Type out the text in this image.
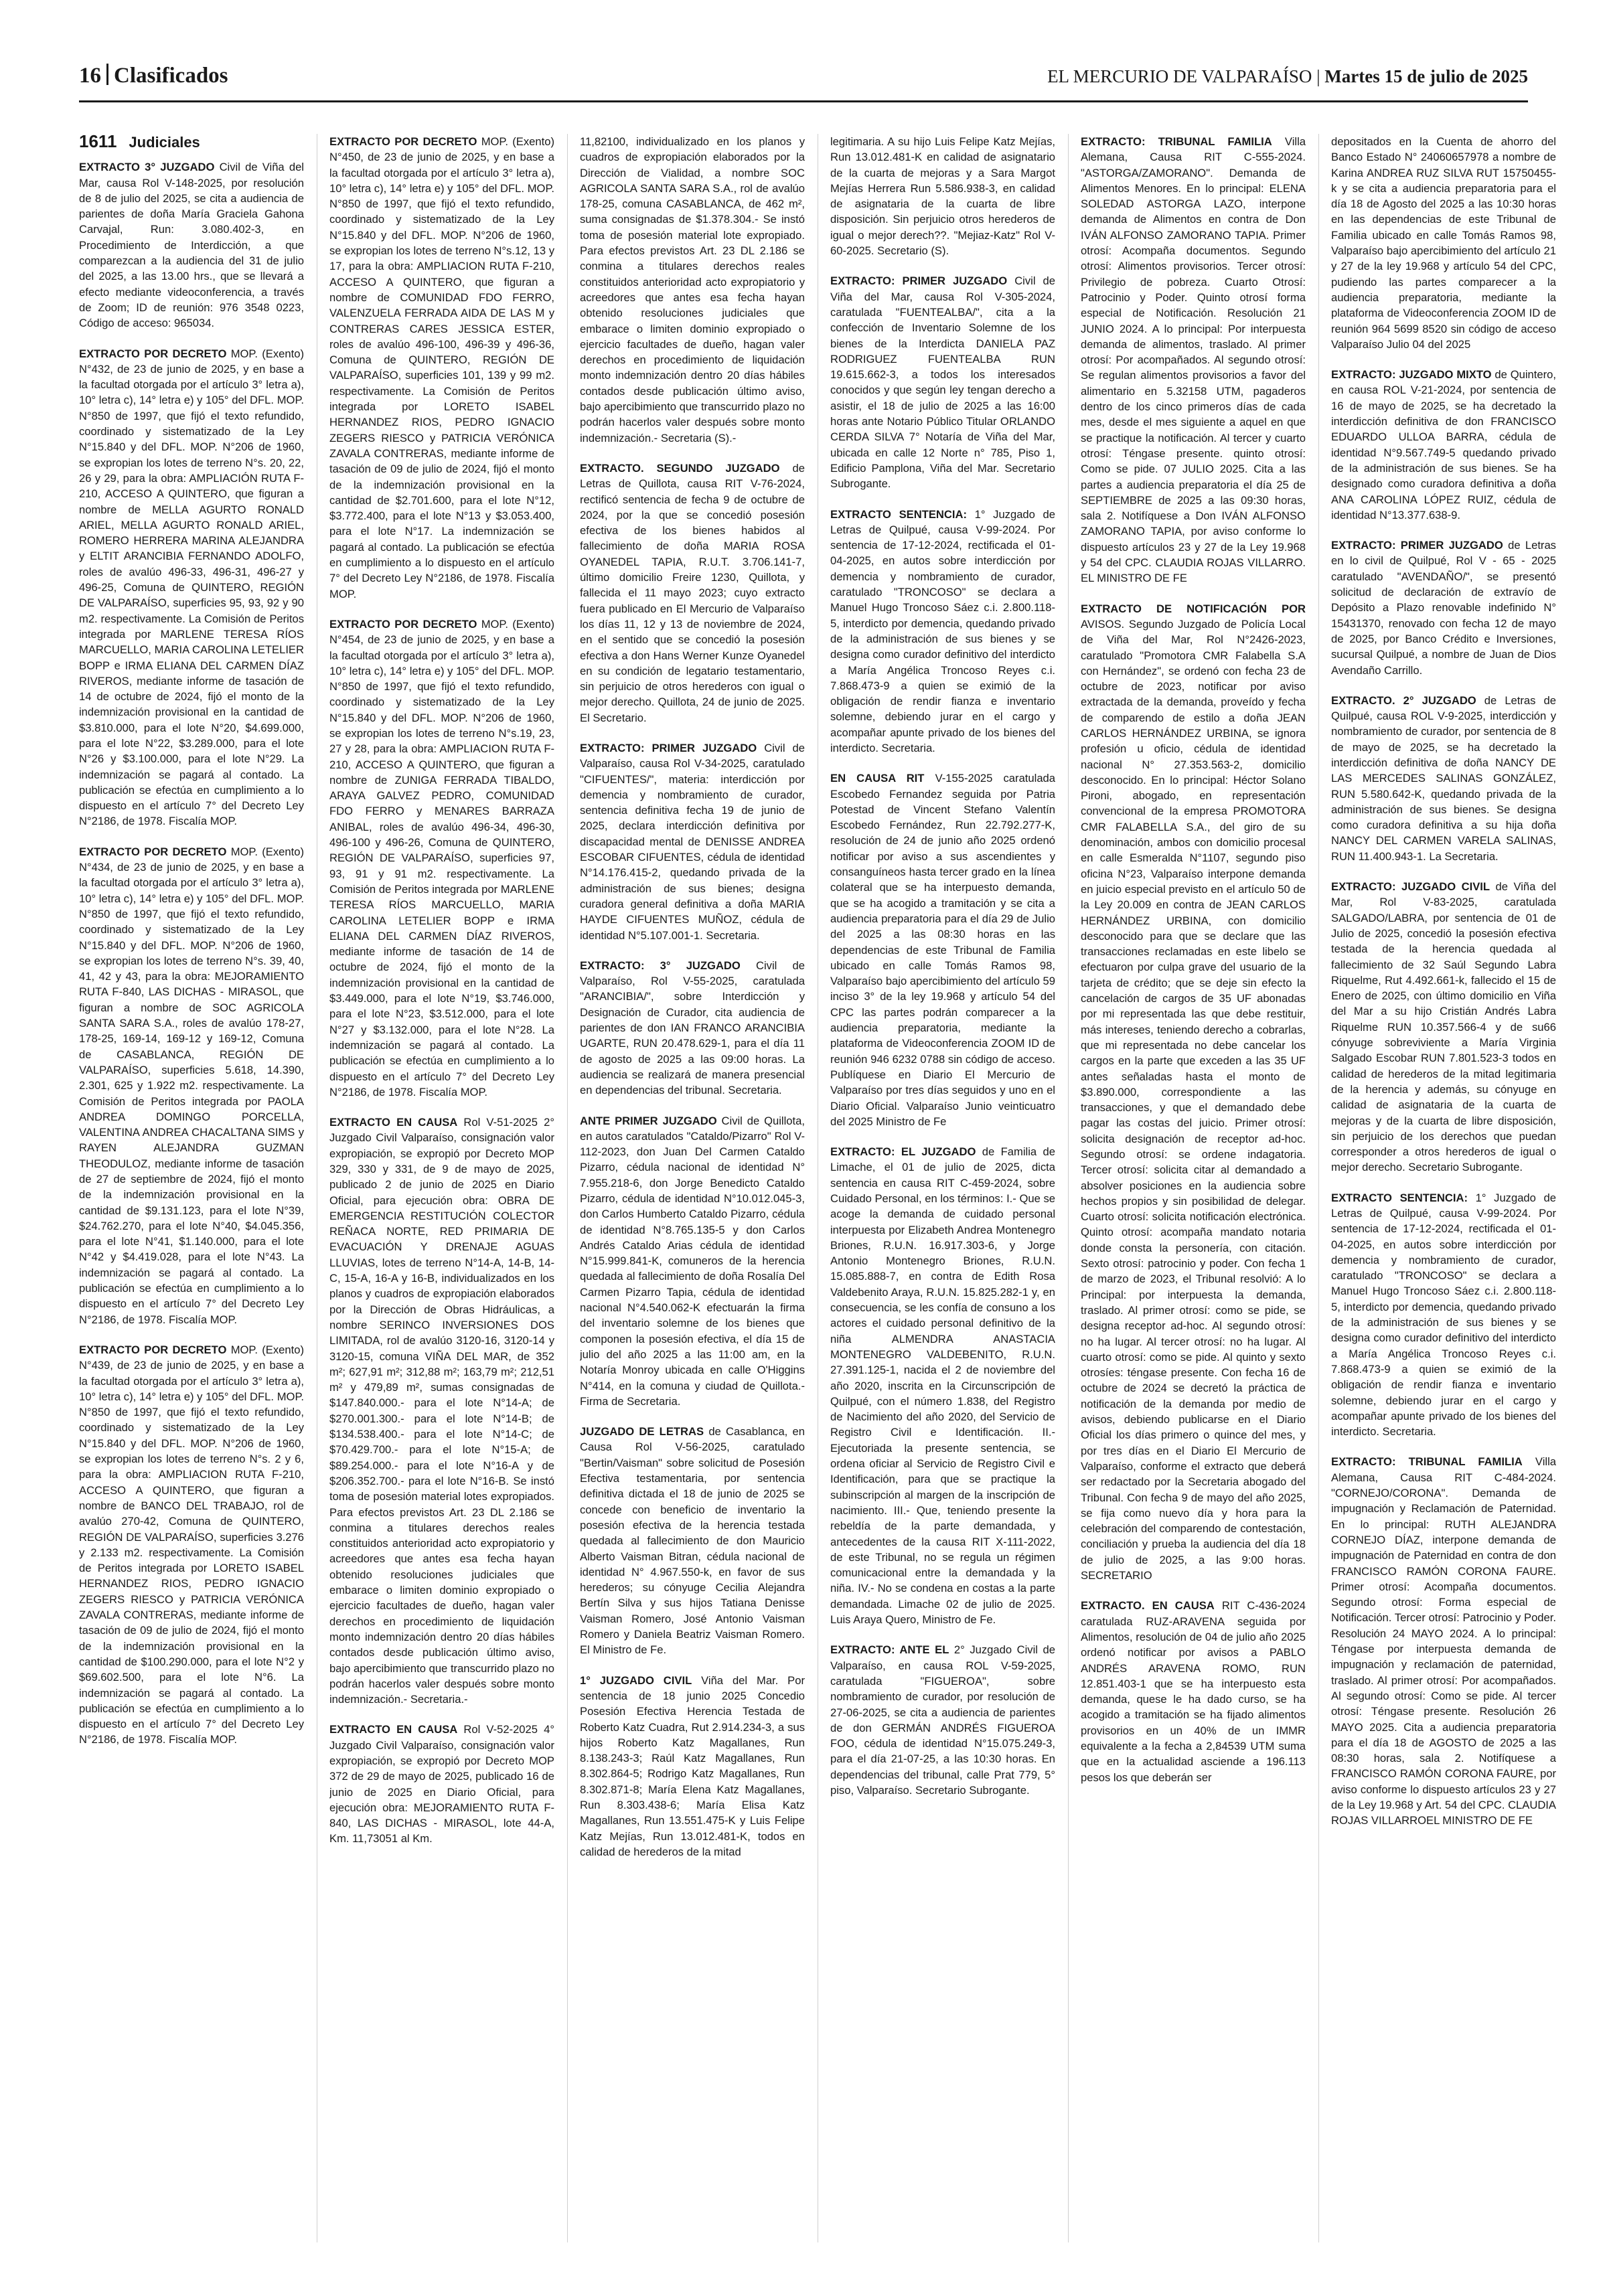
16 Clasificados	EL MERCURIO DE VALPARAÍSO | Martes 15 de julio de 2025
1611 Judiciales

EXTRACTO 3° JUZGADO Civil de Viña del Mar, causa Rol V-148-2025, por resolución de 8 de julio del 2025, se cita a audiencia de parientes de doña María Graciela Gahona Carvajal, Run: 3.080.402-3, en Procedimiento de Interdicción, a que comparezcan a la audiencia del 31 de julio del 2025, a las 13.00 hrs., que se llevará a efecto mediante videoconferencia, a través de Zoom; ID de reunión: 976 3548 0223, Código de acceso: 965034.

EXTRACTO POR DECRETO MOP. (Exento) N°432, de 23 de junio de 2025, y en base a la facultad otorgada por el artículo 3° letra a), 10° letra c), 14° letra e) y 105° del DFL. MOP. N°850 de 1997, que fijó el texto refundido, coordinado y sistematizado de la Ley N°15.840 y del DFL. MOP. N°206 de 1960, se expropian los lotes de terreno N°s. 20, 22, 26 y 29, para la obra: AMPLIACIÓN RUTA F-210, ACCESO A QUINTERO, que figuran a nombre de MELLA AGURTO RONALD ARIEL, MELLA AGURTO RONALD ARIEL, ROMERO HERRERA MARINA ALEJANDRA y ELTIT ARANCIBIA FERNANDO ADOLFO, roles de avalúo 496-33, 496-31, 496-27 y 496-25, Comuna de QUINTERO, REGIÓN DE VALPARAÍSO, superficies 95, 93, 92 y 90 m2. respectivamente. La Comisión de Peritos integrada por MARLENE TERESA RÍOS MARCUELLO, MARIA CAROLINA LETELIER BOPP e IRMA ELIANA DEL CARMEN DÍAZ RIVEROS, mediante informe de tasación de 14 de octubre de 2024, fijó el monto de la indemnización provisional en la cantidad de $3.810.000, para el lote N°20, $4.699.000, para el lote N°22, $3.289.000, para el lote N°26 y $3.100.000, para el lote N°29. La indemnización se pagará al contado. La publicación se efectúa en cumplimiento a lo dispuesto en el artículo 7° del Decreto Ley N°2186, de 1978. Fiscalía MOP.

EXTRACTO POR DECRETO MOP. (Exento) N°434, de 23 de junio de 2025, y en base a la facultad otorgada por el artículo 3° letra a), 10° letra c), 14° letra e) y 105° del DFL. MOP. N°850 de 1997, que fijó el texto refundido, coordinado y sistematizado de la Ley N°15.840 y del DFL. MOP. N°206 de 1960, se expropian los lotes de terreno N°s. 39, 40, 41, 42 y 43, para la obra: MEJORAMIENTO RUTA F-840, LAS DICHAS - MIRASOL, que figuran a nombre de SOC AGRICOLA SANTA SARA S.A., roles de avalúo 178-27, 178-25, 169-14, 169-12 y 169-12, Comuna de CASABLANCA, REGIÓN DE VALPARAÍSO, superficies 5.618, 14.390, 2.301, 625 y 1.922 m2. respectivamente. La Comisión de Peritos integrada por PAOLA ANDREA DOMINGO PORCELLA, VALENTINA ANDREA CHACALTANA SIMS y RAYEN ALEJANDRA GUZMAN THEODULOZ, mediante informe de tasación de 27 de septiembre de 2024, fijó el monto de la indemnización provisional en la cantidad de $9.131.123, para el lote N°39, $24.762.270, para el lote N°40, $4.045.356, para el lote N°41, $1.140.000, para el lote N°42 y $4.419.028, para el lote N°43. La indemnización se pagará al contado. La publicación se efectúa en cumplimiento a lo dispuesto en el artículo 7° del Decreto Ley N°2186, de 1978. Fiscalía MOP.

EXTRACTO POR DECRETO MOP. (Exento) N°439, de 23 de junio de 2025, y en base a la facultad otorgada por el artículo 3° letra a), 10° letra c), 14° letra e) y 105° del DFL. MOP. N°850 de 1997, que fijó el texto refundido, coordinado y sistematizado de la Ley N°15.840 y del DFL. MOP. N°206 de 1960, se expropian los lotes de terreno N°s. 2 y 6, para la obra: AMPLIACION RUTA F-210, ACCESO A QUINTERO, que figuran a nombre de BANCO DEL TRABAJO, rol de avalúo 270-42, Comuna de QUINTERO, REGIÓN DE VALPARAÍSO, superficies 3.276 y 2.133 m2. respectivamente. La Comisión de Peritos integrada por LORETO ISABEL HERNANDEZ RIOS, PEDRO IGNACIO ZEGERS RIESCO y PATRICIA VERÓNICA ZAVALA CONTRERAS, mediante informe de tasación de 09 de julio de 2024, fijó el monto de la indemnización provisional en la cantidad de $100.290.000, para el lote N°2 y $69.602.500, para el lote N°6. La indemnización se pagará al contado. La publicación se efectúa en cumplimiento a lo dispuesto en el artículo 7° del Decreto Ley N°2186, de 1978. Fiscalía MOP.

EXTRACTO POR DECRETO MOP. (Exento) N°450, de 23 de junio de 2025, y en base a la facultad otorgada por el artículo 3° letra a), 10° letra c), 14° letra e) y 105° del DFL. MOP. N°850 de 1997, que fijó el texto refundido, coordinado y sistematizado de la Ley N°15.840 y del DFL. MOP. N°206 de 1960, se expropian los lotes de terreno N°s.12, 13 y 17, para la obra: AMPLIACION RUTA F-210, ACCESO A QUINTERO, que figuran a nombre de COMUNIDAD FDO FERRO, VALENZUELA FERRADA AIDA DE LAS M y CONTRERAS CARES JESSICA ESTER, roles de avalúo 496-100, 496-39 y 496-36, Comuna de QUINTERO, REGIÓN DE VALPARAÍSO, superficies 101, 139 y 99 m2. respectivamente. La Comisión de Peritos integrada por LORETO ISABEL HERNANDEZ RIOS, PEDRO IGNACIO ZEGERS RIESCO y PATRICIA VERÓNICA ZAVALA CONTRERAS, mediante informe de tasación de 09 de julio de 2024, fijó el monto de la indemnización provisional en la cantidad de $2.701.600, para el lote N°12, $3.772.400, para el lote N°13 y $3.053.400, para el lote N°17. La indemnización se pagará al contado. La publicación se efectúa en cumplimiento a lo dispuesto en el artículo 7° del Decreto Ley N°2186, de 1978. Fiscalía MOP.

EXTRACTO POR DECRETO MOP. (Exento) N°454, de 23 de junio de 2025, y en base a la facultad otorgada por el artículo 3° letra a), 10° letra c), 14° letra e) y 105° del DFL. MOP. N°850 de 1997, que fijó el texto refundido, coordinado y sistematizado de la Ley N°15.840 y del DFL. MOP. N°206 de 1960, se expropian los lotes de terreno N°s.19, 23, 27 y 28, para la obra: AMPLIACION RUTA F-210, ACCESO A QUINTERO, que figuran a nombre de ZUNIGA FERRADA TIBALDO, ARAYA GALVEZ PEDRO, COMUNIDAD FDO FERRO y MENARES BARRAZA ANIBAL, roles de avalúo 496-34, 496-30, 496-100 y 496-26, Comuna de QUINTERO, REGIÓN DE VALPARAÍSO, superficies 97, 93, 91 y 91 m2. respectivamente. La Comisión de Peritos integrada por MARLENE TERESA RÍOS MARCUELLO, MARIA CAROLINA LETELIER BOPP e IRMA ELIANA DEL CARMEN DÍAZ RIVEROS, mediante informe de tasación de 14 de octubre de 2024, fijó el monto de la indemnización provisional en la cantidad de $3.449.000, para el lote N°19, $3.746.000, para el lote N°23, $3.512.000, para el lote N°27 y $3.132.000, para el lote N°28. La indemnización se pagará al contado. La publicación se efectúa en cumplimiento a lo dispuesto en el artículo 7° del Decreto Ley N°2186, de 1978. Fiscalía MOP.

EXTRACTO EN CAUSA Rol V-51-2025 2° Juzgado Civil Valparaíso, consignación valor expropiación, se expropió por Decreto MOP 329, 330 y 331, de 9 de mayo de 2025, publicado 2 de junio de 2025 en Diario Oficial, para ejecución obra: OBRA DE EMERGENCIA RESTITUCIÓN COLECTOR REÑACA NORTE, RED PRIMARIA DE EVACUACIÓN Y DRENAJE AGUAS LLUVIAS, lotes de terreno N°14-A, 14-B, 14-C, 15-A, 16-A y 16-B, individualizados en los planos y cuadros de expropiación elaborados por la Dirección de Obras Hidráulicas, a nombre SERINCO INVERSIONES DOS LIMITADA, rol de avalúo 3120-16, 3120-14 y 3120-15, comuna VIÑA DEL MAR, de 352 m²; 627,91 m²; 312,88 m²; 163,79 m²; 212,51 m² y 479,89 m², sumas consignadas de $147.840.000.- para el lote N°14-A; de $270.001.300.- para el lote N°14-B; de $134.538.400.- para el lote N°14-C; de $70.429.700.- para el lote N°15-A; de $89.254.000.- para el lote N°16-A y de $206.352.700.- para el lote N°16-B. Se instó toma de posesión material lotes expropiados. Para efectos previstos Art. 23 DL 2.186 se conmina a titulares derechos reales constituidos anterioridad acto expropiatorio y acreedores que antes esa fecha hayan obtenido resoluciones judiciales que embarace o limiten dominio expropiado o ejercicio facultades de dueño, hagan valer derechos en procedimiento de liquidación monto indemnización dentro 20 días hábiles contados desde publicación último aviso, bajo apercibimiento que transcurrido plazo no podrán hacerlos valer después sobre monto indemnización.- Secretaria.-

EXTRACTO EN CAUSA Rol V-52-2025 4° Juzgado Civil Valparaíso, consignación valor expropiación, se expropió por Decreto MOP 372 de 29 de mayo de 2025, publicado 16 de junio de 2025 en Diario Oficial, para ejecución obra: MEJORAMIENTO RUTA F-840, LAS DICHAS - MIRASOL, lote 44-A, Km. 11,73051 al Km.

11,82100, individualizado en los planos y cuadros de expropiación elaborados por la Dirección de Vialidad, a nombre SOC AGRICOLA SANTA SARA S.A., rol de avalúo 178-25, comuna CASABLANCA, de 462 m², suma consignadas de $1.378.304.- Se instó toma de posesión material lote expropiado. Para efectos previstos Art. 23 DL 2.186 se conmina a titulares derechos reales constituidos anterioridad acto expropiatorio y acreedores que antes esa fecha hayan obtenido resoluciones judiciales que embarace o limiten dominio expropiado o ejercicio facultades de dueño, hagan valer derechos en procedimiento de liquidación monto indemnización dentro 20 días hábiles contados desde publicación último aviso, bajo apercibimiento que transcurrido plazo no podrán hacerlos valer después sobre monto indemnización.- Secretaria (S).-

EXTRACTO. SEGUNDO JUZGADO de Letras de Quillota, causa RIT V-76-2024, rectificó sentencia de fecha 9 de octubre de 2024, por la que se concedió posesión efectiva de los bienes habidos al fallecimiento de doña MARIA ROSA OYANEDEL TAPIA, R.U.T. 3.706.141-7, último domicilio Freire 1230, Quillota, y fallecida el 11 mayo 2023; cuyo extracto fuera publicado en El Mercurio de Valparaíso los días 11, 12 y 13 de noviembre de 2024, en el sentido que se concedió la posesión efectiva a don Hans Werner Kunze Oyanedel en su condición de legatario testamentario, sin perjuicio de otros herederos con igual o mejor derecho. Quillota, 24 de junio de 2025. El Secretario.

EXTRACTO: PRIMER JUZGADO Civil de Valparaíso, causa Rol V-34-2025, caratulado "CIFUENTES/", materia: interdicción por demencia y nombramiento de curador, sentencia definitiva fecha 19 de junio de 2025, declara interdicción definitiva por discapacidad mental de DENISSE ANDREA ESCOBAR CIFUENTES, cédula de identidad N°14.176.415-2, quedando privada de la administración de sus bienes; designa curadora general definitiva a doña MARIA HAYDE CIFUENTES MUÑOZ, cédula de identidad N°5.107.001-1. Secretaria.

EXTRACTO: 3° JUZGADO Civil de Valparaíso, Rol V-55-2025, caratulada "ARANCIBIA/", sobre Interdicción y Designación de Curador, cita audiencia de parientes de don IAN FRANCO ARANCIBIA UGARTE, RUN 20.478.629-1, para el día 11 de agosto de 2025 a las 09:00 horas. La audiencia se realizará de manera presencial en dependencias del tribunal. Secretaria.

ANTE PRIMER JUZGADO Civil de Quillota, en autos caratulados "Cataldo/Pizarro" Rol V-112-2023, don Juan Del Carmen Cataldo Pizarro, cédula nacional de identidad N° 7.955.218-6, don Jorge Benedicto Cataldo Pizarro, cédula de identidad N°10.012.045-3, don Carlos Humberto Cataldo Pizarro, cédula de identidad N°8.765.135-5 y don Carlos Andrés Cataldo Arias cédula de identidad N°15.999.841-K, comuneros de la herencia quedada al fallecimiento de doña Rosalía Del Carmen Pizarro Tapia, cédula de identidad nacional N°4.540.062-K efectuarán la firma del inventario solemne de los bienes que componen la posesión efectiva, el día 15 de julio del año 2025 a las 11:00 am, en la Notaría Monroy ubicada en calle O'Higgins N°414, en la comuna y ciudad de Quillota.- Firma de Secretaria.

JUZGADO DE LETRAS de Casablanca, en Causa Rol V-56-2025, caratulado "Bertin/Vaisman" sobre solicitud de Posesión Efectiva testamentaria, por sentencia definitiva dictada el 18 de junio de 2025 se concede con beneficio de inventario la posesión efectiva de la herencia testada quedada al fallecimiento de don Mauricio Alberto Vaisman Bitran, cédula nacional de identidad N° 4.967.550-k, en favor de sus herederos; su cónyuge Cecilia Alejandra Bertín Silva y sus hijos Tatiana Denisse Vaisman Romero, José Antonio Vaisman Romero y Daniela Beatriz Vaisman Romero. El Ministro de Fe.

1° JUZGADO CIVIL Viña del Mar. Por sentencia de 18 junio 2025 Concedio Posesión Efectiva Herencia Testada de Roberto Katz Cuadra, Rut 2.914.234-3, a sus hijos Roberto Katz Magallanes, Run 8.138.243-3; Raúl Katz Magallanes, Run 8.302.864-5; Rodrigo Katz Magallanes, Run 8.302.871-8; María Elena Katz Magallanes, Run 8.303.438-6; María Elisa Katz Magallanes, Run 13.551.475-K y Luis Felipe Katz Mejías, Run 13.012.481-K, todos en calidad de herederos de la mitad

legitimaria. A su hijo Luis Felipe Katz Mejías, Run 13.012.481-K en calidad de asignatario de la cuarta de mejoras y a Sara Margot Mejías Herrera Run 5.586.938-3, en calidad de asignataria de la cuarta de libre disposición. Sin perjuicio otros herederos de igual o mejor derech??. "Mejiaz-Katz" Rol V-60-2025. Secretario (S).

EXTRACTO: PRIMER JUZGADO Civil de Viña del Mar, causa Rol V-305-2024, caratulada "FUENTEALBA/", cita a la confección de Inventario Solemne de los bienes de la Interdicta DANIELA PAZ RODRIGUEZ FUENTEALBA RUN 19.615.662-3, a todos los interesados conocidos y que según ley tengan derecho a asistir, el 18 de julio de 2025 a las 16:00 horas ante Notario Público Titular ORLANDO CERDA SILVA 7° Notaría de Viña del Mar, ubicada en calle 12 Norte n° 785, Piso 1, Edificio Pamplona, Viña del Mar. Secretario Subrogante.

EXTRACTO SENTENCIA: 1° Juzgado de Letras de Quilpué, causa V-99-2024. Por sentencia de 17-12-2024, rectificada el 01-04-2025, en autos sobre interdicción por demencia y nombramiento de curador, caratulado "TRONCOSO" se declara a Manuel Hugo Troncoso Sáez c.i. 2.800.118-5, interdicto por demencia, quedando privado de la administración de sus bienes y se designa como curador definitivo del interdicto a María Angélica Troncoso Reyes c.i. 7.868.473-9 a quien se eximió de la obligación de rendir fianza e inventario solemne, debiendo jurar en el cargo y acompañar apunte privado de los bienes del interdicto. Secretaria.

EN CAUSA RIT V-155-2025 caratulada Escobedo Fernandez seguida por Patria Potestad de Vincent Stefano Valentín Escobedo Fernández, Run 22.792.277-K, resolución de 24 de junio año 2025 ordenó notificar por aviso a sus ascendientes y consanguíneos hasta tercer grado en la línea colateral que se ha interpuesto demanda, que se ha acogido a tramitación y se cita a audiencia preparatoria para el día 29 de Julio del 2025 a las 08:30 horas en las dependencias de este Tribunal de Familia ubicado en calle Tomás Ramos 98, Valparaíso bajo apercibimiento del artículo 59 inciso 3° de la ley 19.968 y artículo 54 del CPC las partes podrán comparecer a la audiencia preparatoria, mediante la plataforma de Videoconferencia ZOOM ID de reunión 946 6232 0788 sin código de acceso. Publíquese en Diario El Mercurio de Valparaíso por tres días seguidos y uno en el Diario Oficial. Valparaíso Junio veinticuatro del 2025 Ministro de Fe

EXTRACTO: EL JUZGADO de Familia de Limache, el 01 de julio de 2025, dicta sentencia en causa RIT C-459-2024, sobre Cuidado Personal, en los términos: I.- Que se acoge la demanda de cuidado personal interpuesta por Elizabeth Andrea Montenegro Briones, R.U.N. 16.917.303-6, y Jorge Antonio Montenegro Briones, R.U.N. 15.085.888-7, en contra de Edith Rosa Valdebenito Araya, R.U.N. 15.825.282-1 y, en consecuencia, se les confía de consuno a los actores el cuidado personal definitivo de la niña ALMENDRA ANASTACIA MONTENEGRO VALDEBENITO, R.U.N. 27.391.125-1, nacida el 2 de noviembre del año 2020, inscrita en la Circunscripción de Quilpué, con el número 1.838, del Registro de Nacimiento del año 2020, del Servicio de Registro Civil e Identificación. II.- Ejecutoriada la presente sentencia, se ordena oficiar al Servicio de Registro Civil e Identificación, para que se practique la subinscripción al margen de la inscripción de nacimiento. III.- Que, teniendo presente la rebeldía de la parte demandada, y antecedentes de la causa RIT X-111-2022, de este Tribunal, no se regula un régimen comunicacional entre la demandada y la niña. IV.- No se condena en costas a la parte demandada. Limache 02 de julio de 2025. Luis Araya Quero, Ministro de Fe.

EXTRACTO: ANTE EL 2° Juzgado Civil de Valparaíso, en causa ROL V-59-2025, caratulada "FIGUEROA", sobre nombramiento de curador, por resolución de 27-06-2025, se cita a audiencia de parientes de don GERMÁN ANDRÉS FIGUEROA FOO, cédula de identidad N°15.075.249-3, para el día 21-07-25, a las 10:30 horas. En dependencias del tribunal, calle Prat 779, 5° piso, Valparaíso. Secretario Subrogante.

EXTRACTO: TRIBUNAL FAMILIA Villa Alemana, Causa RIT C-555-2024. "ASTORGA/ZAMORANO". Demanda de Alimentos Menores. En lo principal: ELENA SOLEDAD ASTORGA LAZO, interpone demanda de Alimentos en contra de Don IVÁN ALFONSO ZAMORANO TAPIA. Primer otrosí: Acompaña documentos. Segundo otrosí: Alimentos provisorios. Tercer otrosí: Privilegio de pobreza. Cuarto Otrosí: Patrocinio y Poder. Quinto otrosí forma especial de Notificación. Resolución 21 JUNIO 2024. A lo principal: Por interpuesta demanda de alimentos, traslado. Al primer otrosí: Por acompañados. Al segundo otrosí: Se regulan alimentos provisorios a favor del alimentario en 5.32158 UTM, pagaderos dentro de los cinco primeros días de cada mes, desde el mes siguiente a aquel en que se practique la notificación. Al tercer y cuarto otrosí: Téngase presente. quinto otrosí: Como se pide. 07 JULIO 2025. Cita a las partes a audiencia preparatoria el día 25 de SEPTIEMBRE de 2025 a las 09:30 horas, sala 2. Notifíquese a Don IVÁN ALFONSO ZAMORANO TAPIA, por aviso conforme lo dispuesto artículos 23 y 27 de la Ley 19.968 y 54 del CPC. CLAUDIA ROJAS VILLARRO. EL MINISTRO DE FE

EXTRACTO DE NOTIFICACIÓN POR AVISOS. Segundo Juzgado de Policía Local de Viña del Mar, Rol N°2426-2023, caratulado "Promotora CMR Falabella S.A con Hernández", se ordenó con fecha 23 de octubre de 2023, notificar por aviso extractada de la demanda, proveído y fecha de comparendo de estilo a doña JEAN CARLOS HERNÁNDEZ URBINA, se ignora profesión u oficio, cédula de identidad nacional N° 27.353.563-2, domicilio desconocido. En lo principal: Héctor Solano Pironi, abogado, en representación convencional de la empresa PROMOTORA CMR FALABELLA S.A., del giro de su denominación, ambos con domicilio procesal en calle Esmeralda N°1107, segundo piso oficina N°23, Valparaíso interpone demanda en juicio especial previsto en el artículo 50 de la Ley 20.009 en contra de JEAN CARLOS HERNÁNDEZ URBINA, con domicilio desconocido para que se declare que las transacciones reclamadas en este libelo se efectuaron por culpa grave del usuario de la tarjeta de crédito; que se deje sin efecto la cancelación de cargos de 35 UF abonadas por mi representada las que debe restituir, más intereses, teniendo derecho a cobrarlas, que mi representada no debe cancelar los cargos en la parte que exceden a las 35 UF antes señaladas hasta el monto de $3.890.000, correspondiente a las transacciones, y que el demandado debe pagar las costas del juicio. Primer otrosí: solicita designación de receptor ad-hoc. Segundo otrosí: se ordene indagatoria. Tercer otrosí: solicita citar al demandado a absolver posiciones en la audiencia sobre hechos propios y sin posibilidad de delegar. Cuarto otrosí: solicita notificación electrónica. Quinto otrosí: acompaña mandato notaria donde consta la personería, con citación. Sexto otrosí: patrocinio y poder. Con fecha 1 de marzo de 2023, el Tribunal resolvió: A lo Principal: por interpuesta la demanda, traslado. Al primer otrosí: como se pide, se designa receptor ad-hoc. Al segundo otrosí: no ha lugar. Al tercer otrosí: no ha lugar. Al cuarto otrosí: como se pide. Al quinto y sexto otrosíes: téngase presente. Con fecha 16 de octubre de 2024 se decretó la práctica de notificación de la demanda por medio de avisos, debiendo publicarse en el Diario Oficial los días primero o quince del mes, y por tres días en el Diario El Mercurio de Valparaíso, conforme el extracto que deberá ser redactado por la Secretaria abogado del Tribunal. Con fecha 9 de mayo del año 2025, se fija como nuevo día y hora para la celebración del comparendo de contestación, conciliación y prueba la audiencia del día 18 de julio de 2025, a las 9:00 horas. SECRETARIO

EXTRACTO. EN CAUSA RIT C-436-2024 caratulada RUZ-ARAVENA seguida por Alimentos, resolución de 04 de julio año 2025 ordenó notificar por avisos a PABLO ANDRÉS ARAVENA ROMO, RUN 12.851.403-1 que se ha interpuesto esta demanda, quese le ha dado curso, se ha acogido a tramitación se ha fijado alimentos provisorios en un 40% de un IMMR equivalente a la fecha a 2,84539 UTM suma que en la actualidad asciende a 196.113 pesos los que deberán ser

depositados en la Cuenta de ahorro del Banco Estado N° 24060657978 a nombre de Karina ANDREA RUZ SILVA RUT 15750455-k y se cita a audiencia preparatoria para el día 18 de Agosto del 2025 a las 10:30 horas en las dependencias de este Tribunal de Familia ubicado en calle Tomás Ramos 98, Valparaíso bajo apercibimiento del artículo 21 y 27 de la ley 19.968 y artículo 54 del CPC, pudiendo las partes comparecer a la audiencia preparatoria, mediante la plataforma de Videoconferencia ZOOM ID de reunión 964 5699 8520 sin código de acceso Valparaíso Julio 04 del 2025

EXTRACTO: JUZGADO MIXTO de Quintero, en causa ROL V-21-2024, por sentencia de 16 de mayo de 2025, se ha decretado la interdicción definitiva de don FRANCISCO EDUARDO ULLOA BARRA, cédula de identidad N°9.567.749-5 quedando privado de la administración de sus bienes. Se ha designado como curadora definitiva a doña ANA CAROLINA LÓPEZ RUIZ, cédula de identidad N°13.377.638-9.

EXTRACTO: PRIMER JUZGADO de Letras en lo civil de Quilpué, Rol V - 65 - 2025 caratulado "AVENDAÑO/", se presentó solicitud de declaración de extravío de Depósito a Plazo renovable indefinido N° 15431370, renovado con fecha 12 de mayo de 2025, por Banco Crédito e Inversiones, sucursal Quilpué, a nombre de Juan de Dios Avendaño Carrillo.

EXTRACTO. 2° JUZGADO de Letras de Quilpué, causa ROL V-9-2025, interdicción y nombramiento de curador, por sentencia de 8 de mayo de 2025, se ha decretado la interdicción definitiva de doña NANCY DE LAS MERCEDES SALINAS GONZÁLEZ, RUN 5.580.642-K, quedando privada de la administración de sus bienes. Se designa como curadora definitiva a su hija doña NANCY DEL CARMEN VARELA SALINAS, RUN 11.400.943-1. La Secretaria.

EXTRACTO: JUZGADO CIVIL de Viña del Mar, Rol V-83-2025, caratulada SALGADO/LABRA, por sentencia de 01 de Julio de 2025, concedió la posesión efectiva testada de la herencia quedada al fallecimiento de 32 Saúl Segundo Labra Riquelme, Rut 4.492.661-k, fallecido el 15 de Enero de 2025, con último domicilio en Viña del Mar a su hijo Cristián Andrés Labra Riquelme RUN 10.357.566-4 y de su66 cónyuge sobreviviente a María Virginia Salgado Escobar RUN 7.801.523-3 todos en calidad de herederos de la mitad legitimaria de la herencia y además, su cónyuge en calidad de asignataria de la cuarta de mejoras y de la cuarta de libre disposición, sin perjuicio de los derechos que puedan corresponder a otros herederos de igual o mejor derecho. Secretario Subrogante.

EXTRACTO SENTENCIA: 1° Juzgado de Letras de Quilpué, causa V-99-2024. Por sentencia de 17-12-2024, rectificada el 01-04-2025, en autos sobre interdicción por demencia y nombramiento de curador, caratulado "TRONCOSO" se declara a Manuel Hugo Troncoso Sáez c.i. 2.800.118-5, interdicto por demencia, quedando privado de la administración de sus bienes y se designa como curador definitivo del interdicto a María Angélica Troncoso Reyes c.i. 7.868.473-9 a quien se eximió de la obligación de rendir fianza e inventario solemne, debiendo jurar en el cargo y acompañar apunte privado de los bienes del interdicto. Secretaria.

EXTRACTO: TRIBUNAL FAMILIA Villa Alemana, Causa RIT C-484-2024. "CORNEJO/CORONA". Demanda de impugnación y Reclamación de Paternidad. En lo principal: RUTH ALEJANDRA CORNEJO DÍAZ, interpone demanda de impugnación de Paternidad en contra de don FRANCISCO RAMÓN CORONA FAURE. Primer otrosí: Acompaña documentos. Segundo otrosí: Forma especial de Notificación. Tercer otrosí: Patrocinio y Poder. Resolución 24 MAYO 2024. A lo principal: Téngase por interpuesta demanda de impugnación y reclamación de paternidad, traslado. Al primer otrosí: Por acompañados. Al segundo otrosí: Como se pide. Al tercer otrosí: Téngase presente. Resolución 26 MAYO 2025. Cita a audiencia preparatoria para el día 18 de AGOSTO de 2025 a las 08:30 horas, sala 2. Notifíquese a FRANCISCO RAMÓN CORONA FAURE, por aviso conforme lo dispuesto artículos 23 y 27 de la Ley 19.968 y Art. 54 del CPC. CLAUDIA ROJAS VILLARROEL MINISTRO DE FE
